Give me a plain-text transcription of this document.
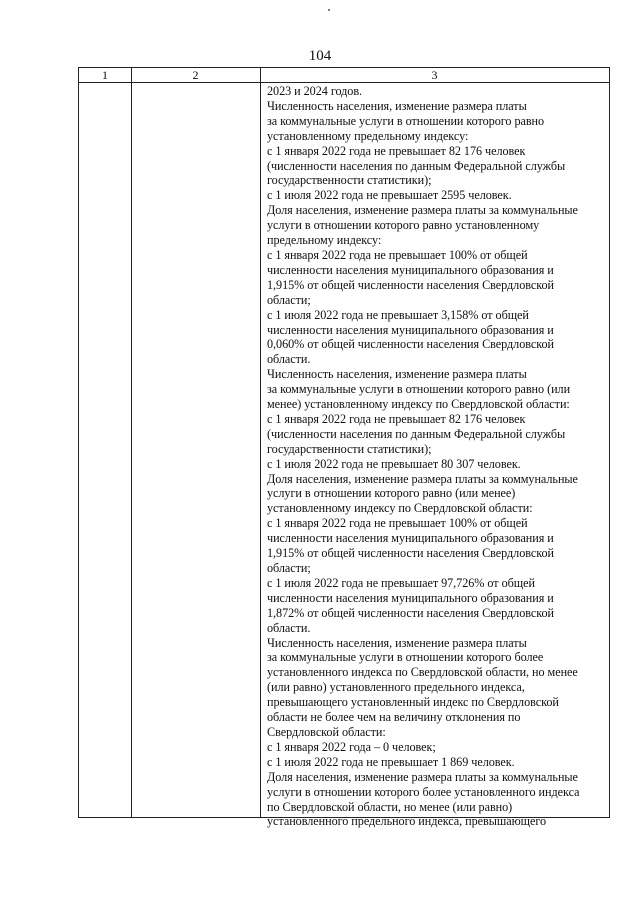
104
1	2	3
2023 и 2024 годов.
Численность населения, изменение размера платы
за коммунальные услуги в отношении которого равно
установленному предельному индексу:
с 1 января 2022 года не превышает 82 176 человек
(численности населения по данным Федеральной службы
государственности статистики);
с 1 июля 2022 года не превышает 2595 человек.
Доля населения, изменение размера платы за коммунальные
услуги в отношении которого равно установленному
предельному индексу:
с 1 января 2022 года не превышает 100% от общей
численности населения муниципального образования и
1,915% от общей численности населения Свердловской
области;
с 1 июля 2022 года не превышает 3,158% от общей
численности населения муниципального образования и
0,060% от общей численности населения Свердловской
области.
Численность населения, изменение размера платы
за коммунальные услуги в отношении которого равно (или
менее) установленному индексу по Свердловской области:
с 1 января 2022 года не превышает 82 176 человек
(численности населения по данным Федеральной службы
государственности статистики);
с 1 июля 2022 года не превышает 80 307 человек.
Доля населения, изменение размера платы за коммунальные
услуги в отношении которого равно (или менее)
установленному индексу по Свердловской области:
с 1 января 2022 года не превышает 100% от общей
численности населения муниципального образования и
1,915% от общей численности населения Свердловской
области;
с 1 июля 2022 года не превышает 97,726% от общей
численности населения муниципального образования и
1,872% от общей численности населения Свердловской
области.
Численность населения, изменение размера платы
за коммунальные услуги в отношении которого более
установленного индекса по Свердловской области, но менее
(или равно) установленного предельного индекса,
превышающего установленный индекс по Свердловской
области не более чем на величину отклонения по
Свердловской области:
с 1 января 2022 года – 0 человек;
с 1 июля 2022 года не превышает 1 869 человек.
Доля населения, изменение размера платы за коммунальные
услуги в отношении которого более установленного индекса
по Свердловской области, но менее (или равно)
установленного предельного индекса, превышающего
